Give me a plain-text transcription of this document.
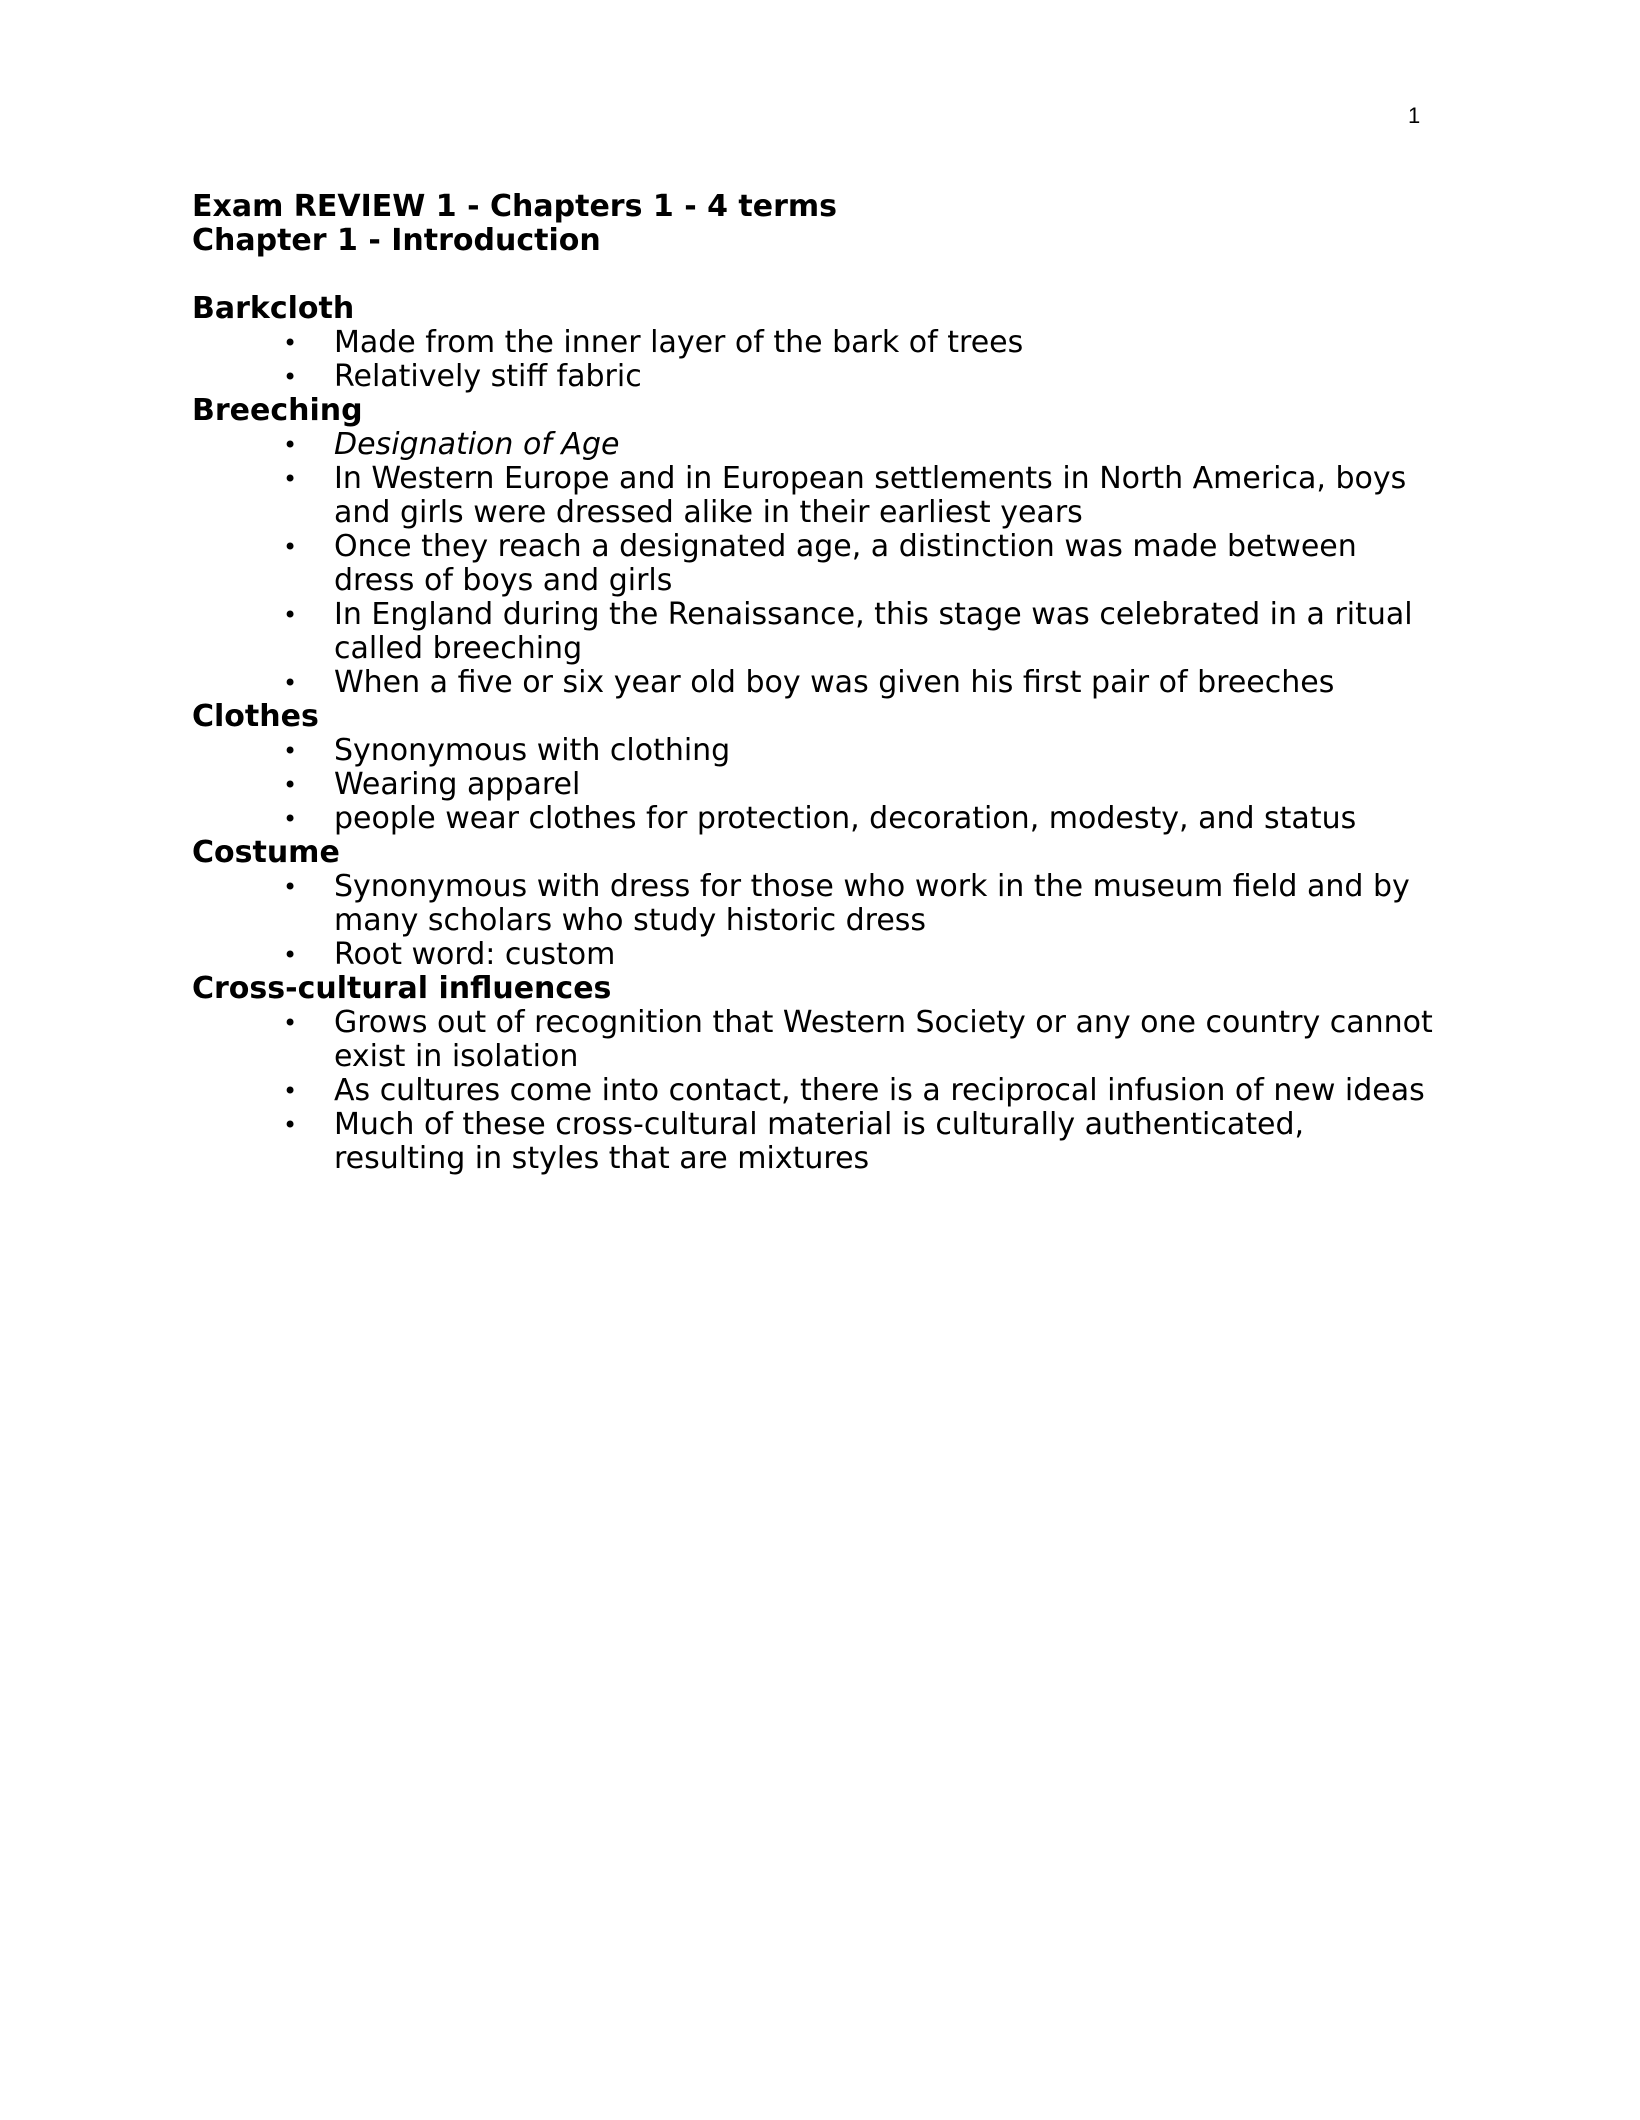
1
Exam REVIEW 1 - Chapters 1 - 4 terms
Chapter 1 - Introduction
Barkcloth
• Made from the inner layer of the bark of trees
• Relatively stiff fabric
Breeching
• Designation of Age
• In Western Europe and in European settlements in North America, boys and girls were dressed alike in their earliest years
• Once they reach a designated age, a distinction was made between dress of boys and girls
• In England during the Renaissance, this stage was celebrated in a ritual called breeching
• When a five or six year old boy was given his first pair of breeches
Clothes
• Synonymous with clothing
• Wearing apparel
• people wear clothes for protection, decoration, modesty, and status
Costume
• Synonymous with dress for those who work in the museum field and by many scholars who study historic dress
• Root word: custom
Cross-cultural influences
• Grows out of recognition that Western Society or any one country cannot exist in isolation
• As cultures come into contact, there is a reciprocal infusion of new ideas
• Much of these cross-cultural material is culturally authenticated, resulting in styles that are mixtures
